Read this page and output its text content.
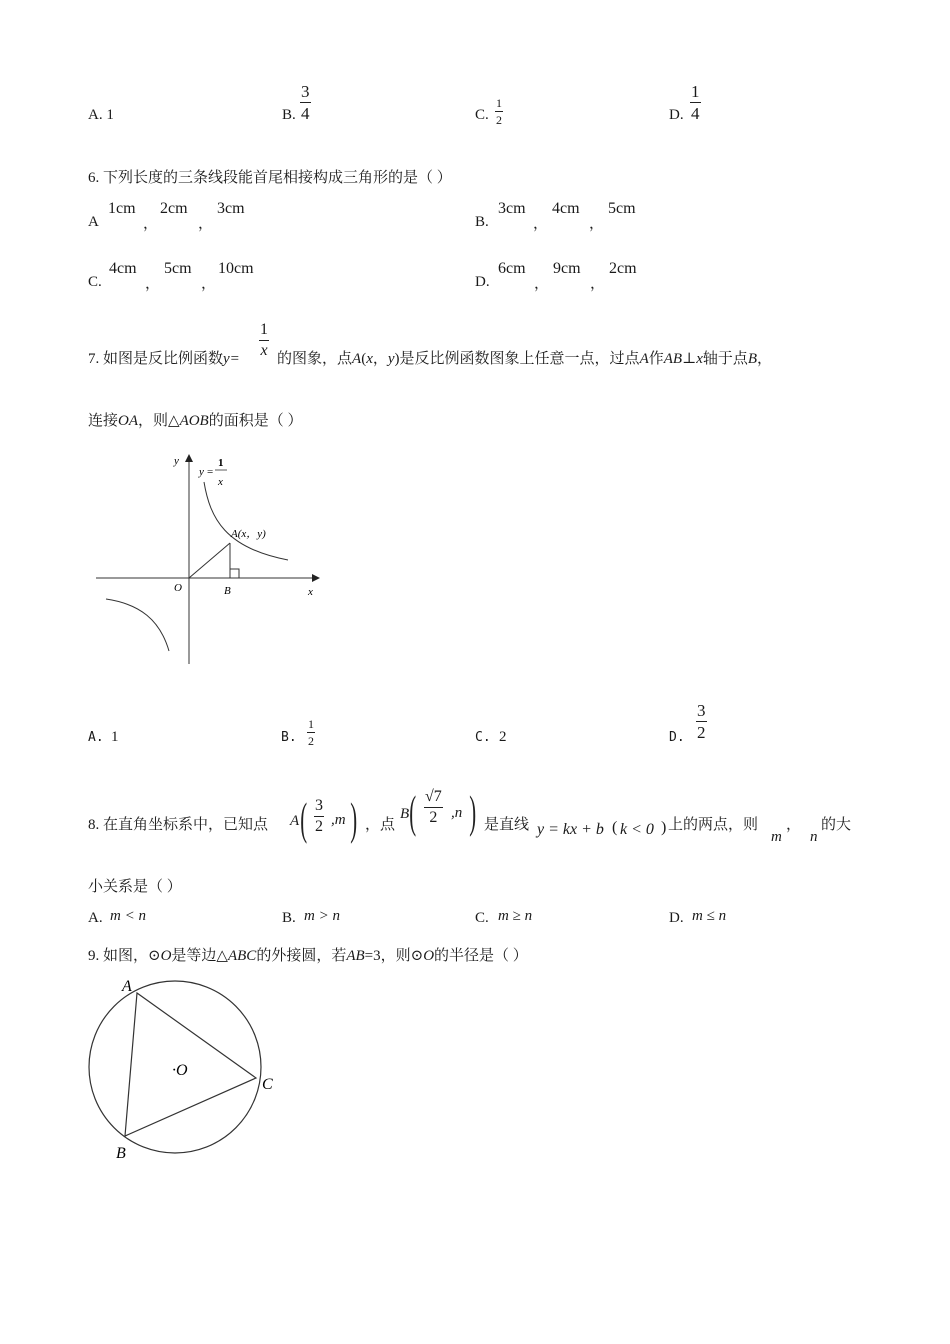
A. 1	B. $\frac{3}{4}$	C. $\frac{1}{2}$	D. $\frac{1}{4}$
6. 下列长度的三条线段能首尾相接构成三角形的是（ ）
A
1cm
，
2cm
，
3cm
B.
3cm
，
4cm
，
5cm
C.
4cm
，
5cm
，
10cm
D.
6cm
，
9cm
，
2cm
7. 如图是反比例函数$y= \frac{1}{x}$ 的图象，点A(x，y)是反比例函数图象上任意一点，过点A作AB⊥x轴于点B，
连接OA，则△AOB的面积是（ ）
y
x
O	B
y =
1
x
A(x，y)
A. 1	B. $\frac{1}{2}$	C. 2	D. $\frac{3}{2}$
8. 在直角坐标系中，已知点 A ( $\frac{3}{2} ,m$ ) ，点
B ( $\frac{√7}{2} ,n$ ) 是直线 y = kx + b ( k < 0 ) 上的两点，则
m
，
n
的大
小关系是（ ）
A. m < n	B. m > n	C. m ≥ n	D. m ≤ n
9. 如图，⊙O是等边△ABC的外接圆，若AB=3，则⊙O的半径是（ ）
A
B
C
·O
